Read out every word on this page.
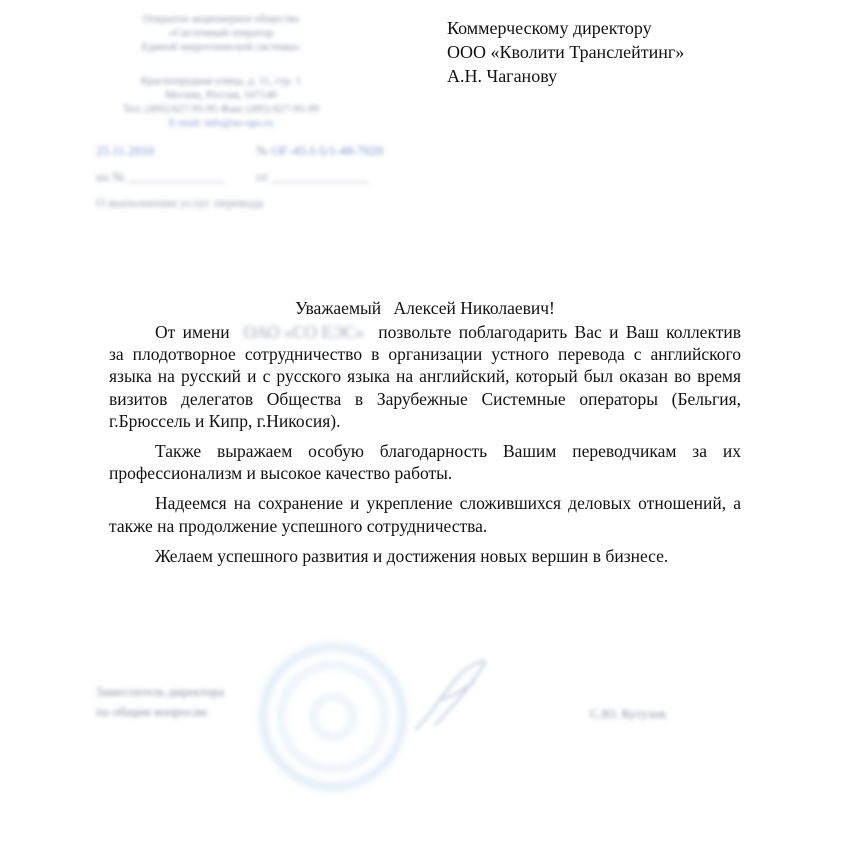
Открытое акционерное общество
«Системный оператор
Единой энергетической системы»
Краснопрудная улица, д. 11, стр. 1
Москва, Россия, 107140
Тел. (495) 627-95-95 Факс (495) 627-95-99
E-mail: info@so-ups.ru
25.11.2010	№ ОГ-45-I-5/1-48-7020
на № _______________ от _______________
О выполнении услуг перевода
Коммерческому директору
ООО «Кволити Транслейтинг»
А.Н. Чаганову
Уважаемый Алексей Николаевич!

От имени ОАО «СО ЕЭС» позвольте поблагодарить Вас и Ваш коллектив за плодотворное сотрудничество в организации устного перевода с английского языка на русский и с русского языка на английский, который был оказан во время визитов делегатов Общества в Зарубежные Системные операторы (Бельгия, г.Брюссель и Кипр, г.Никосия).

Также выражаем особую благодарность Вашим переводчикам за их профессионализм и высокое качество работы.

Надеемся на сохранение и укрепление сложившихся деловых отношений, а также на продолжение успешного сотрудничества.

Желаем успешного развития и достижения новых вершин в бизнесе.

Заместитель директора
по общим вопросам	С.Ю. Кутузов
